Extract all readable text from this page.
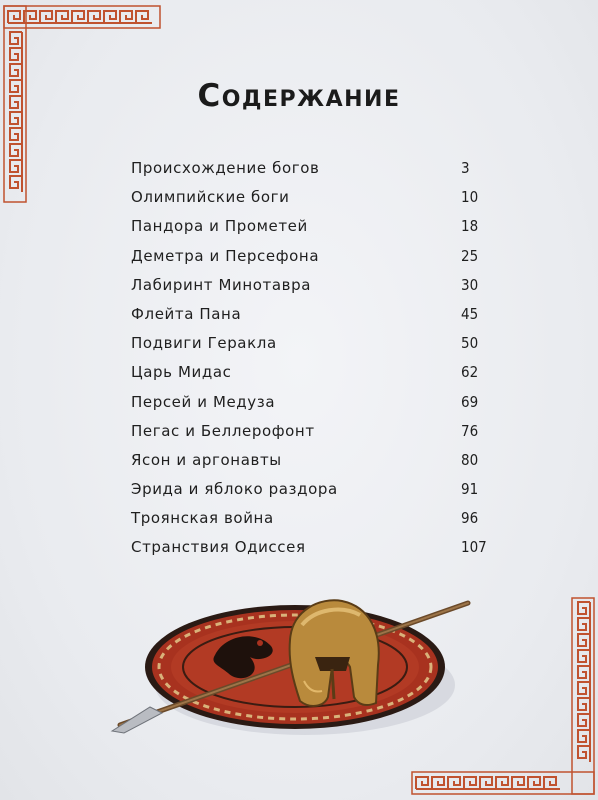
Содержание
Происхождение богов	3
Олимпийские боги	10
Пандора и Прометей	18
Деметра и Персефона	25
Лабиринт Минотавра	30
Флейта Пана	45
Подвиги Геракла	50
Царь Мидас	62
Персей и Медуза	69
Пегас и Беллерофонт	76
Ясон и аргонавты	80
Эрида и яблоко раздора	91
Троянская война	96
Странствия Одиссея	107
